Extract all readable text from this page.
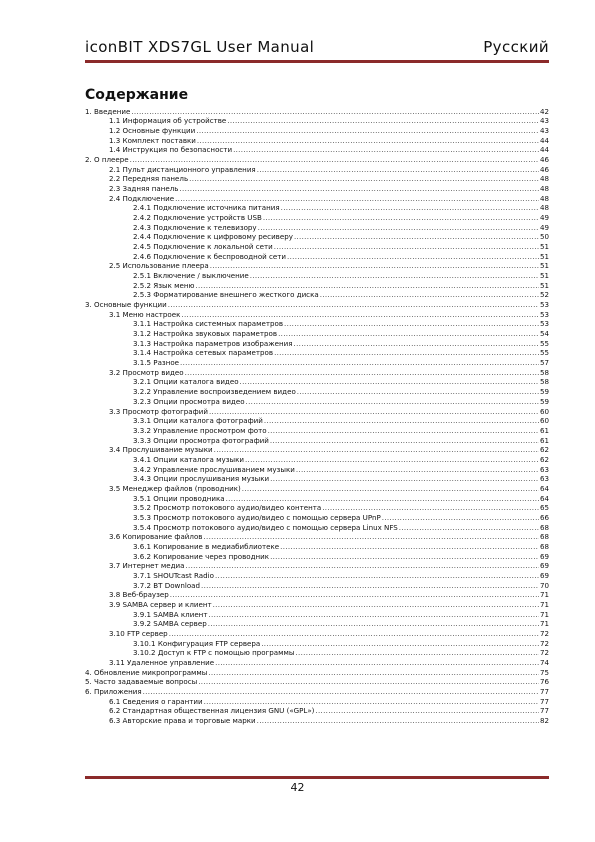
iconBIT XDS7GL User Manual	Русский
Содержание
1. Введение .....	42
1.1 Информация об устройстве .....	43
1.2 Основные функции .....	43
1.3 Комплект поставки .....	44
1.4 Инструкция по безопасности .....	44
2. О плеере .....	46
2.1 Пульт дистанционного управления .....	46
2.2 Передняя панель .....	48
2.3 Задняя панель .....	48
2.4 Подключение .....	48
2.4.1 Подключение источника питания .....	48
2.4.2 Подключение устройств USB .....	49
2.4.3 Подключение к телевизору .....	49
2.4.4 Подключение к цифровому ресиверу .....	50
2.4.5 Подключение к локальной сети .....	51
2.4.6 Подключение к беспроводной сети .....	51
2.5 Использование плеера .....	51
2.5.1 Включение / выключение .....	51
2.5.2 Язык меню .....	51
2.5.3 Форматирование внешнего жесткого диска .....	52
3. Основные функции .....	53
3.1 Меню настроек .....	53
3.1.1 Настройка системных параметров .....	53
3.1.2 Настройка звуковых параметров .....	54
3.1.3 Настройка параметров изображения .....	55
3.1.4 Настройка сетевых параметров .....	55
3.1.5 Разное .....	57
3.2 Просмотр видео .....	58
3.2.1 Опции каталога видео .....	58
3.2.2 Управление воспроизведением видео .....	59
3.2.3 Опции просмотра видео .....	59
3.3 Просмотр фотографий .....	60
3.3.1 Опции каталога фотографий .....	60
3.3.2 Управление просмотром фото .....	61
3.3.3 Опции просмотра фотографий .....	61
3.4 Прослушивание музыки .....	62
3.4.1 Опции каталога музыки .....	62
3.4.2 Управление прослушиванием музыки .....	63
3.4.3 Опции прослушивания музыки .....	63
3.5 Менеджер файлов (проводник) .....	64
3.5.1 Опции проводника .....	64
3.5.2 Просмотр потокового аудио/видео контента .....	65
3.5.3 Просмотр потокового аудио/видео с помощью сервера UPnP .....	66
3.5.4 Просмотр потокового аудио/видео с помощью сервера Linux NFS .....	68
3.6 Копирование файлов .....	68
3.6.1 Копирование в медиабиблиотеке .....	68
3.6.2 Копирование через проводник .....	69
3.7 Интернет медиа .....	69
3.7.1 SHOUTcast Radio .....	69
3.7.2 BT Download .....	70
3.8 Веб-браузер .....	71
3.9 SAMBA сервер и клиент .....	71
3.9.1 SAMBA клиент .....	71
3.9.2 SAMBA сервер .....	71
3.10 FTP сервер .....	72
3.10.1 Конфигурация FTP сервера .....	72
3.10.2 Доступ к FTP с помощью программы .....	72
3.11 Удаленное управление .....	74
4. Обновление микропрограммы .....	75
5. Часто задаваемые вопросы .....	76
6. Приложения .....	77
6.1 Сведения о гарантии .....	77
6.2 Стандартная общественная лицензия GNU («GPL») .....	77
6.3 Авторские права и торговые марки .....	82
42
